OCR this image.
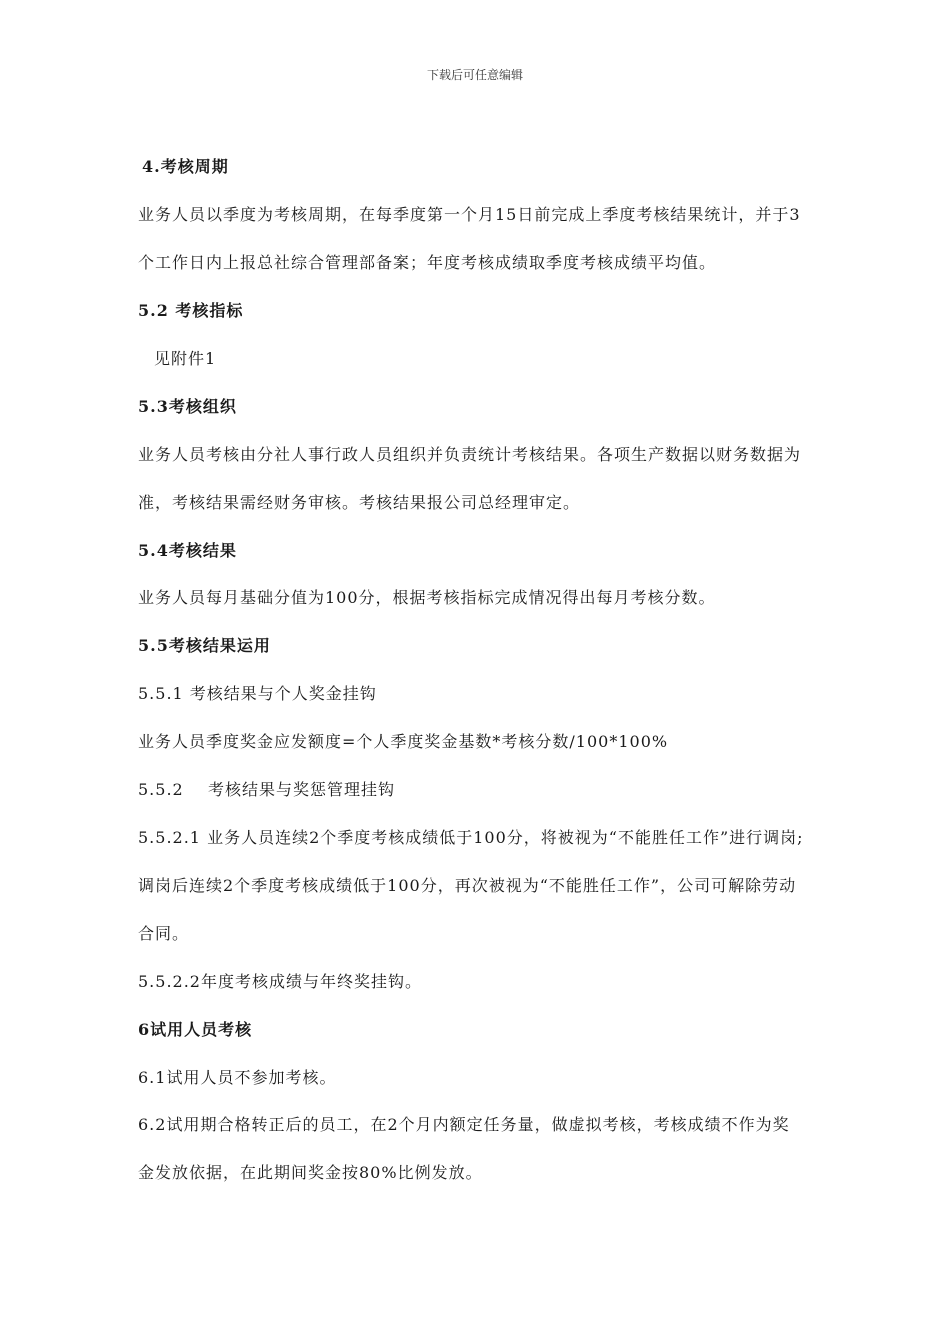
下载后可任意编辑
4.考核周期
业务人员以季度为考核周期，在每季度第一个月15日前完成上季度考核结果统计，并于3
个工作日内上报总社综合管理部备案；年度考核成绩取季度考核成绩平均值。
5.2 考核指标
见附件1
5.3考核组织
业务人员考核由分社人事行政人员组织并负责统计考核结果。各项生产数据以财务数据为
准，考核结果需经财务审核。考核结果报公司总经理审定。
5.4考核结果
业务人员每月基础分值为100分，根据考核指标完成情况得出每月考核分数。
5.5考核结果运用
5.5.1 考核结果与个人奖金挂钩
业务人员季度奖金应发额度=个人季度奖金基数*考核分数/100*100%
5.5.2    考核结果与奖惩管理挂钩
5.5.2.1 业务人员连续2个季度考核成绩低于100分，将被视为“不能胜任工作”进行调岗;
调岗后连续2个季度考核成绩低于100分，再次被视为“不能胜任工作”，公司可解除劳动
合同。
5.5.2.2年度考核成绩与年终奖挂钩。
6试用人员考核
6.1试用人员不参加考核。
6.2试用期合格转正后的员工，在2个月内额定任务量，做虚拟考核，考核成绩不作为奖
金发放依据，在此期间奖金按80%比例发放。
